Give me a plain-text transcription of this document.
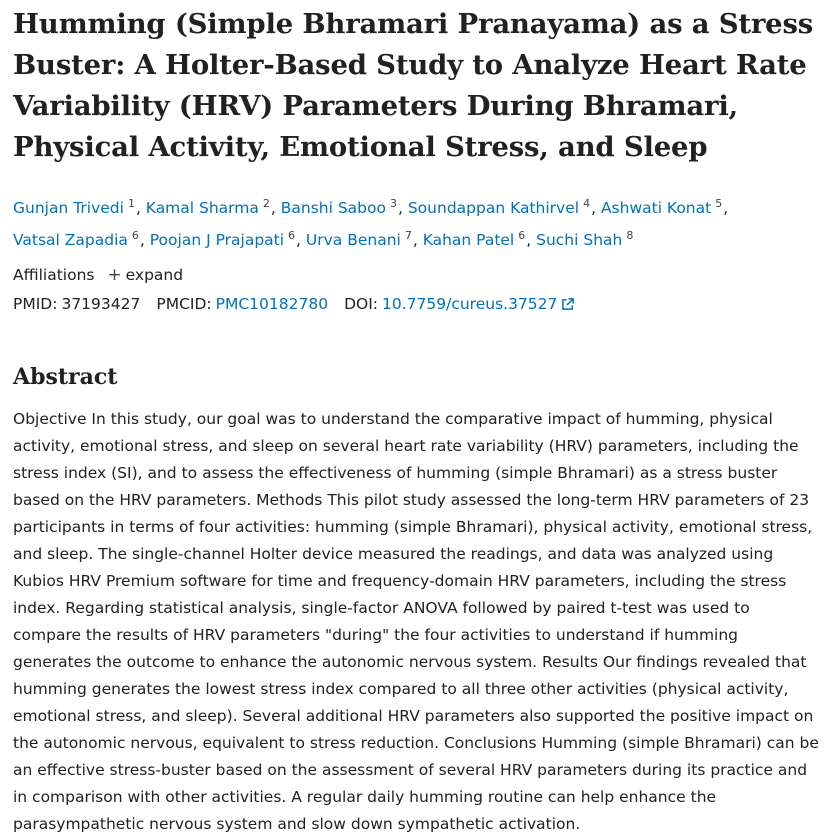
Humming (Simple Bhramari Pranayama) as a Stress Buster: A Holter-Based Study to Analyze Heart Rate Variability (HRV) Parameters During Bhramari, Physical Activity, Emotional Stress, and Sleep
Gunjan Trivedi 1, Kamal Sharma 2, Banshi Saboo 3, Soundappan Kathirvel 4, Ashwati Konat 5,
Vatsal Zapadia 6, Poojan J Prajapati 6, Urva Benani 7, Kahan Patel 6, Suchi Shah 8
Affiliations + expand
PMID: 37193427 PMCID: PMC10182780 DOI: 10.7759/cureus.37527
Abstract
Objective In this study, our goal was to understand the comparative impact of humming, physical activity, emotional stress, and sleep on several heart rate variability (HRV) parameters, including the stress index (SI), and to assess the effectiveness of humming (simple Bhramari) as a stress buster based on the HRV parameters. Methods This pilot study assessed the long-term HRV parameters of 23 participants in terms of four activities: humming (simple Bhramari), physical activity, emotional stress, and sleep. The single-channel Holter device measured the readings, and data was analyzed using Kubios HRV Premium software for time and frequency-domain HRV parameters, including the stress index. Regarding statistical analysis, single-factor ANOVA followed by paired t-test was used to compare the results of HRV parameters "during" the four activities to understand if humming generates the outcome to enhance the autonomic nervous system. Results Our findings revealed that humming generates the lowest stress index compared to all three other activities (physical activity, emotional stress, and sleep). Several additional HRV parameters also supported the positive impact on the autonomic nervous, equivalent to stress reduction. Conclusions Humming (simple Bhramari) can be an effective stress-buster based on the assessment of several HRV parameters during its practice and in comparison with other activities. A regular daily humming routine can help enhance the parasympathetic nervous system and slow down sympathetic activation.
